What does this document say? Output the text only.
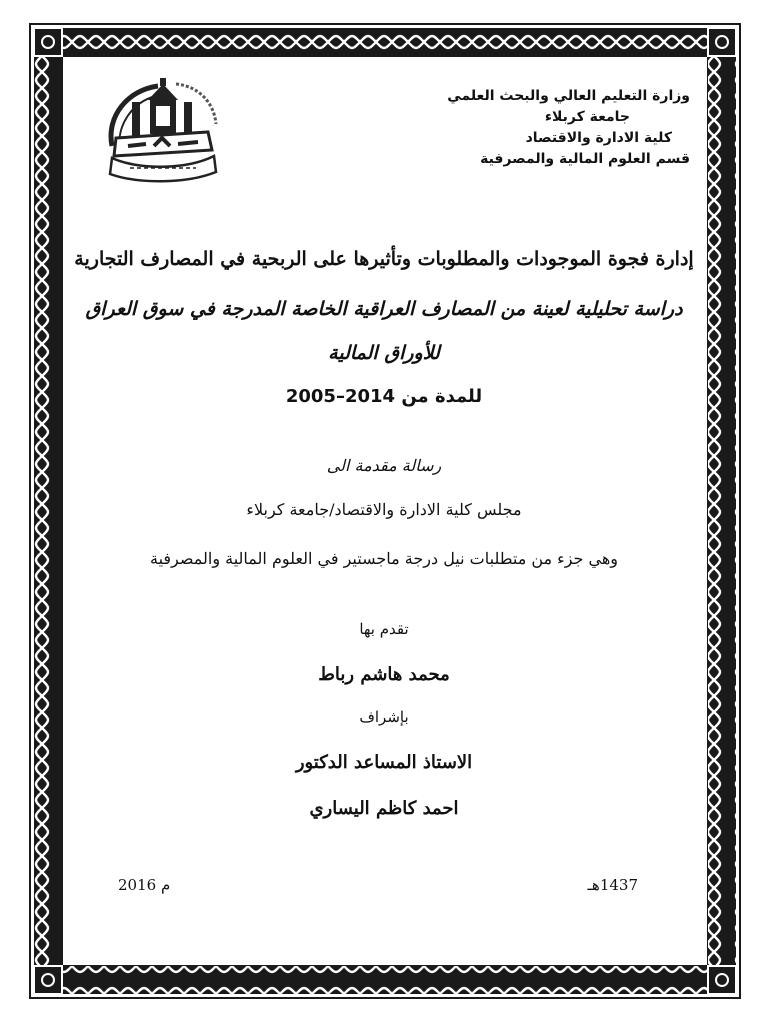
وزارة التعليم العالي والبحث العلمي
جامعة كربلاء
كلية الادارة والاقتصاد
قسم العلوم المالية والمصرفية
إدارة فجوة الموجودات والمطلوبات وتأثيرها على الربحية في المصارف التجارية
دراسة تحليلية لعينة من المصارف العراقية الخاصة المدرجة في سوق العراق
للأوراق المالية
للمدة من 2005–2014
رسالة مقدمة الى
مجلس كلية الادارة والاقتصاد/جامعة كربلاء
وهي جزء من متطلبات نيل درجة ماجستير في العلوم المالية والمصرفية
تقدم بها
محمد هاشم رباط
بإشراف
الاستاذ المساعد الدكتور
احمد كاظم اليساري
1437هـ
2016 م
